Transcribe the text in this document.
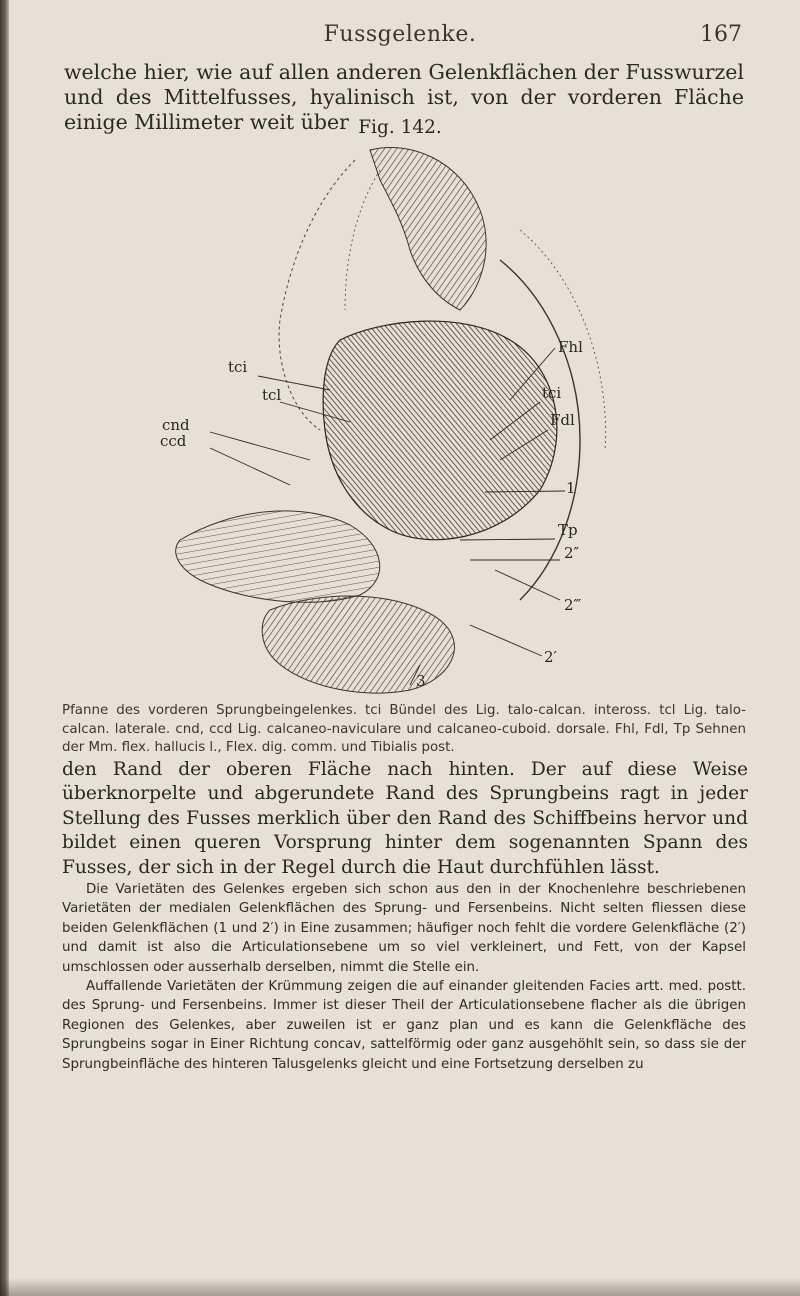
Fussgelenke.	167
welche hier, wie auf allen anderen Gelenkflächen der Fusswurzel und des Mittelfusses, hyalinisch ist, von der vorderen Fläche einige Millimeter weit über Fig. 142.
tci
tcl
cnd
ccd
Fhl
tci
Fdl
1
Tp
2″
2‴
2′
3
Pfanne des vorderen Sprungbeingelenkes. tci Bündel des Lig. talo-calcan. inteross. tcl Lig. talo-calcan. laterale. cnd, ccd Lig. calcaneo-naviculare und calcaneo-cuboid. dorsale. Fhl, Fdl, Tp Sehnen der Mm. flex. hallucis l., Flex. dig. comm. und Tibialis post.
den Rand der oberen Fläche nach hinten. Der auf diese Weise überknorpelte und abgerundete Rand des Sprungbeins ragt in jeder Stellung des Fusses merklich über den Rand des Schiffbeins hervor und bildet einen queren Vorsprung hinter dem sogenannten Spann des Fusses, der sich in der Regel durch die Haut durchfühlen lässt.

Die Varietäten des Gelenkes ergeben sich schon aus den in der Knochenlehre beschriebenen Varietäten der medialen Gelenkflächen des Sprung- und Fersenbeins. Nicht selten fliessen diese beiden Gelenkflächen (1 und 2′) in Eine zusammen; häufiger noch fehlt die vordere Gelenkfläche (2′) und damit ist also die Articulationsebene um so viel verkleinert, und Fett, von der Kapsel umschlossen oder ausserhalb derselben, nimmt die Stelle ein.

Auffallende Varietäten der Krümmung zeigen die auf einander gleitenden Facies artt. med. postt. des Sprung- und Fersenbeins. Immer ist dieser Theil der Articulationsebene flacher als die übrigen Regionen des Gelenkes, aber zuweilen ist er ganz plan und es kann die Gelenkfläche des Sprungbeins sogar in Einer Richtung concav, sattelförmig oder ganz ausgehöhlt sein, so dass sie der Sprungbeinfläche des hinteren Talusgelenks gleicht und eine Fortsetzung derselben zu
